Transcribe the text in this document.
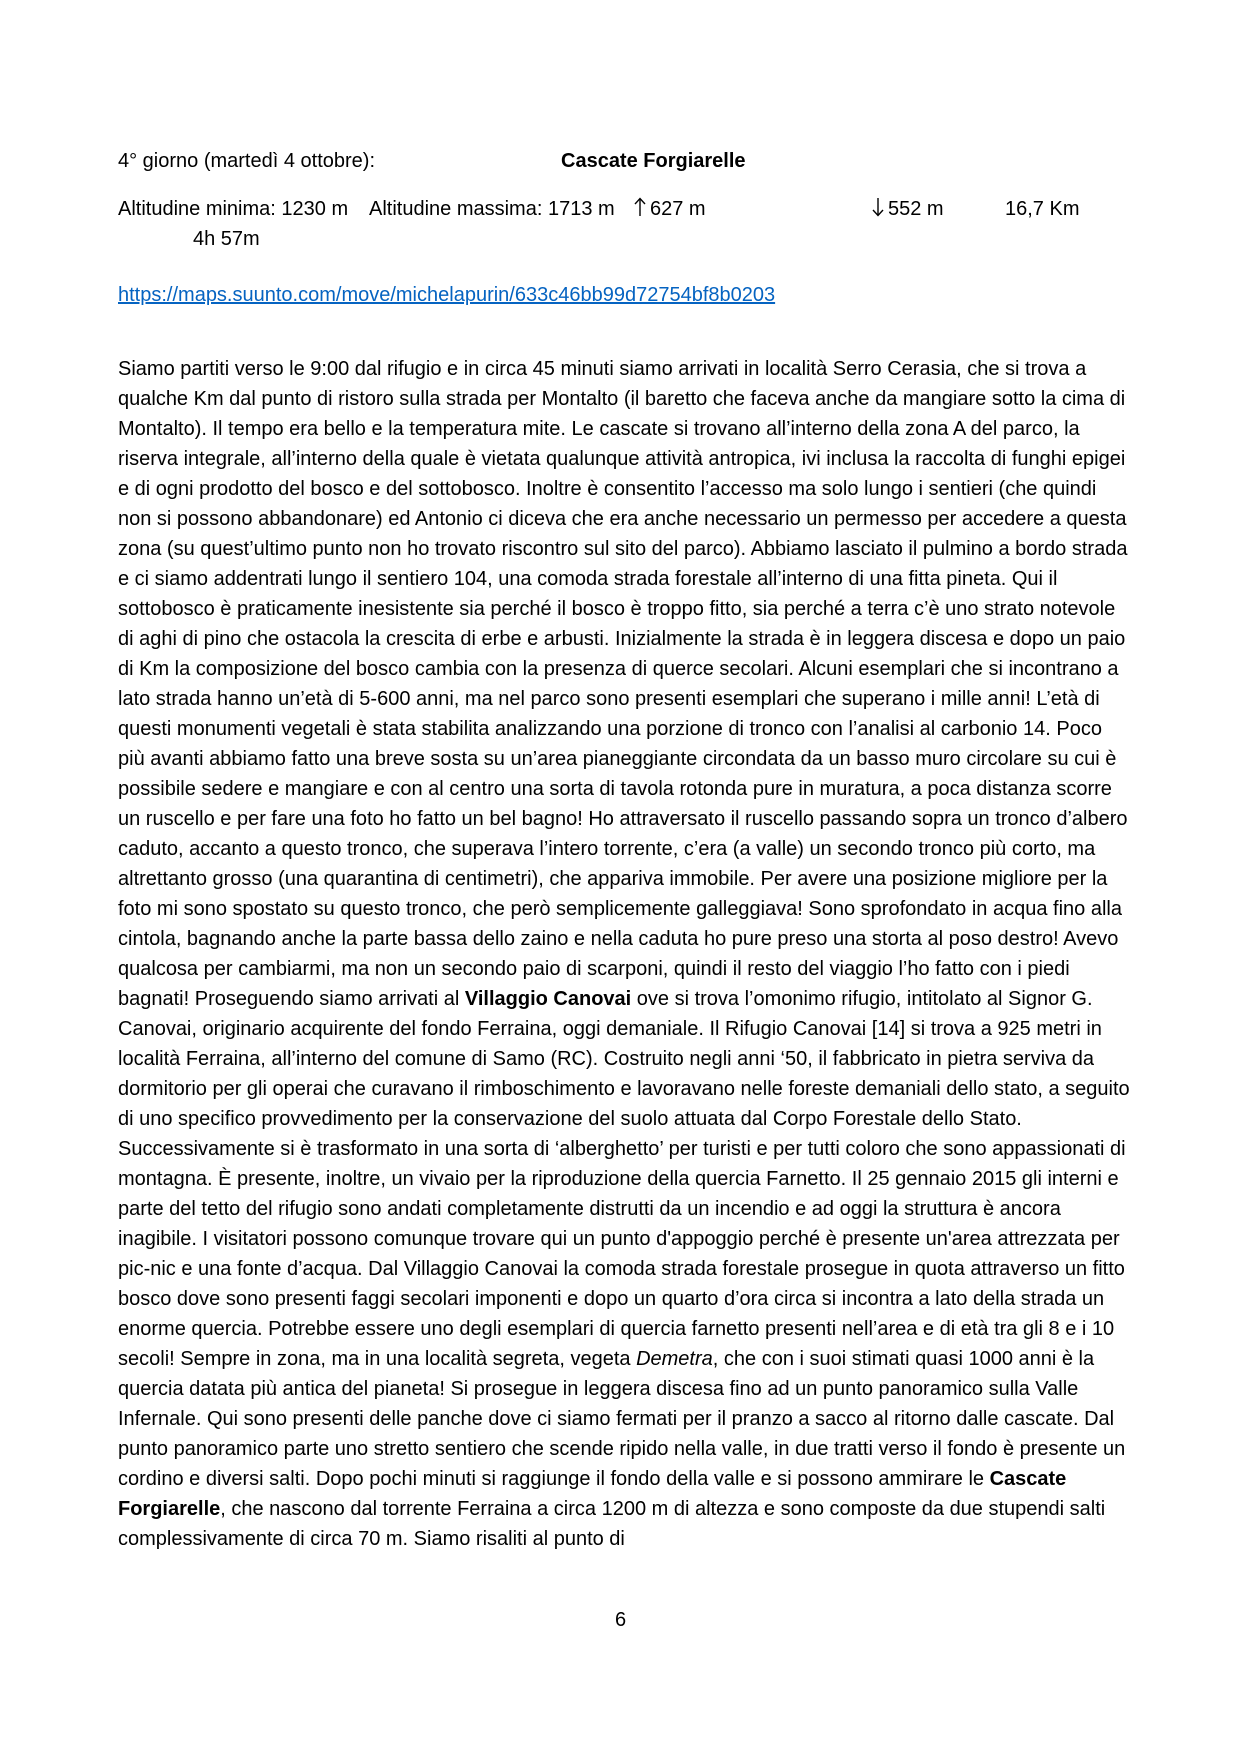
4° giorno (martedì 4 ottobre):	Cascate Forgiarelle
Altitudine minima: 1230 m Altitudine massima: 1713 m	627 m	552 m	16,7 Km
4h 57m
https://maps.suunto.com/move/michelapurin/633c46bb99d72754bf8b0203

Siamo partiti verso le 9:00 dal rifugio e in circa 45 minuti siamo arrivati in località Serro Cerasia, che si trova a qualche Km dal punto di ristoro sulla strada per Montalto (il baretto che faceva anche da mangiare sotto la cima di Montalto). Il tempo era bello e la temperatura mite. Le cascate si trovano all’interno della zona A del parco, la riserva integrale, all’interno della quale è vietata qualunque attività antropica, ivi inclusa la raccolta di funghi epigei e di ogni prodotto del bosco e del sottobosco. Inoltre è consentito l’accesso ma solo lungo i sentieri (che quindi non si possono abbandonare) ed Antonio ci diceva che era anche necessario un permesso per accedere a questa zona (su quest’ultimo punto non ho trovato riscontro sul sito del parco). Abbiamo lasciato il pulmino a bordo strada e ci siamo addentrati lungo il sentiero 104, una comoda strada forestale all’interno di una fitta pineta. Qui il sottobosco è praticamente inesistente sia perché il bosco è troppo fitto, sia perché a terra c’è uno strato notevole di aghi di pino che ostacola la crescita di erbe e arbusti. Inizialmente la strada è in leggera discesa e dopo un paio di Km la composizione del bosco cambia con la presenza di querce secolari. Alcuni esemplari che si incontrano a lato strada hanno un’età di 5-600 anni, ma nel parco sono presenti esemplari che superano i mille anni! L’età di questi monumenti vegetali è stata stabilita analizzando una porzione di tronco con l’analisi al carbonio 14. Poco più avanti abbiamo fatto una breve sosta su un’area pianeggiante circondata da un basso muro circolare su cui è possibile sedere e mangiare e con al centro una sorta di tavola rotonda pure in muratura, a poca distanza scorre un ruscello e per fare una foto ho fatto un bel bagno! Ho attraversato il ruscello passando sopra un tronco d’albero caduto, accanto a questo tronco, che superava l’intero torrente, c’era (a valle) un secondo tronco più corto, ma altrettanto grosso (una quarantina di centimetri), che appariva immobile. Per avere una posizione migliore per la foto mi sono spostato su questo tronco, che però semplicemente galleggiava! Sono sprofondato in acqua fino alla cintola, bagnando anche la parte bassa dello zaino e nella caduta ho pure preso una storta al poso destro! Avevo qualcosa per cambiarmi, ma non un secondo paio di scarponi, quindi il resto del viaggio l’ho fatto con i piedi bagnati! Proseguendo siamo arrivati al Villaggio Canovai ove si trova l’omonimo rifugio, intitolato al Signor G. Canovai, originario acquirente del fondo Ferraina, oggi demaniale. Il Rifugio Canovai [14] si trova a 925 metri in località Ferraina, all’interno del comune di Samo (RC). Costruito negli anni ‘50, il fabbricato in pietra serviva da dormitorio per gli operai che curavano il rimboschimento e lavoravano nelle foreste demaniali dello stato, a seguito di uno specifico provvedimento per la conservazione del suolo attuata dal Corpo Forestale dello Stato. Successivamente si è trasformato in una sorta di ‘alberghetto’ per turisti e per tutti coloro che sono appassionati di montagna. È presente, inoltre, un vivaio per la riproduzione della quercia Farnetto. Il 25 gennaio 2015 gli interni e parte del tetto del rifugio sono andati completamente distrutti da un incendio e ad oggi la struttura è ancora inagibile. I visitatori possono comunque trovare qui un punto d'appoggio perché è presente un'area attrezzata per pic-nic e una fonte d’acqua. Dal Villaggio Canovai la comoda strada forestale prosegue in quota attraverso un fitto bosco dove sono presenti faggi secolari imponenti e dopo un quarto d’ora circa si incontra a lato della strada un enorme quercia. Potrebbe essere uno degli esemplari di quercia farnetto presenti nell’area e di età tra gli 8 e i 10 secoli! Sempre in zona, ma in una località segreta, vegeta Demetra, che con i suoi stimati quasi 1000 anni è la quercia datata più antica del pianeta! Si prosegue in leggera discesa fino ad un punto panoramico sulla Valle Infernale. Qui sono presenti delle panche dove ci siamo fermati per il pranzo a sacco al ritorno dalle cascate. Dal punto panoramico parte uno stretto sentiero che scende ripido nella valle, in due tratti verso il fondo è presente un cordino e diversi salti. Dopo pochi minuti si raggiunge il fondo della valle e si possono ammirare le Cascate Forgiarelle, che nascono dal torrente Ferraina a circa 1200 m di altezza e sono composte da due stupendi salti complessivamente di circa 70 m. Siamo risaliti al punto di

6
